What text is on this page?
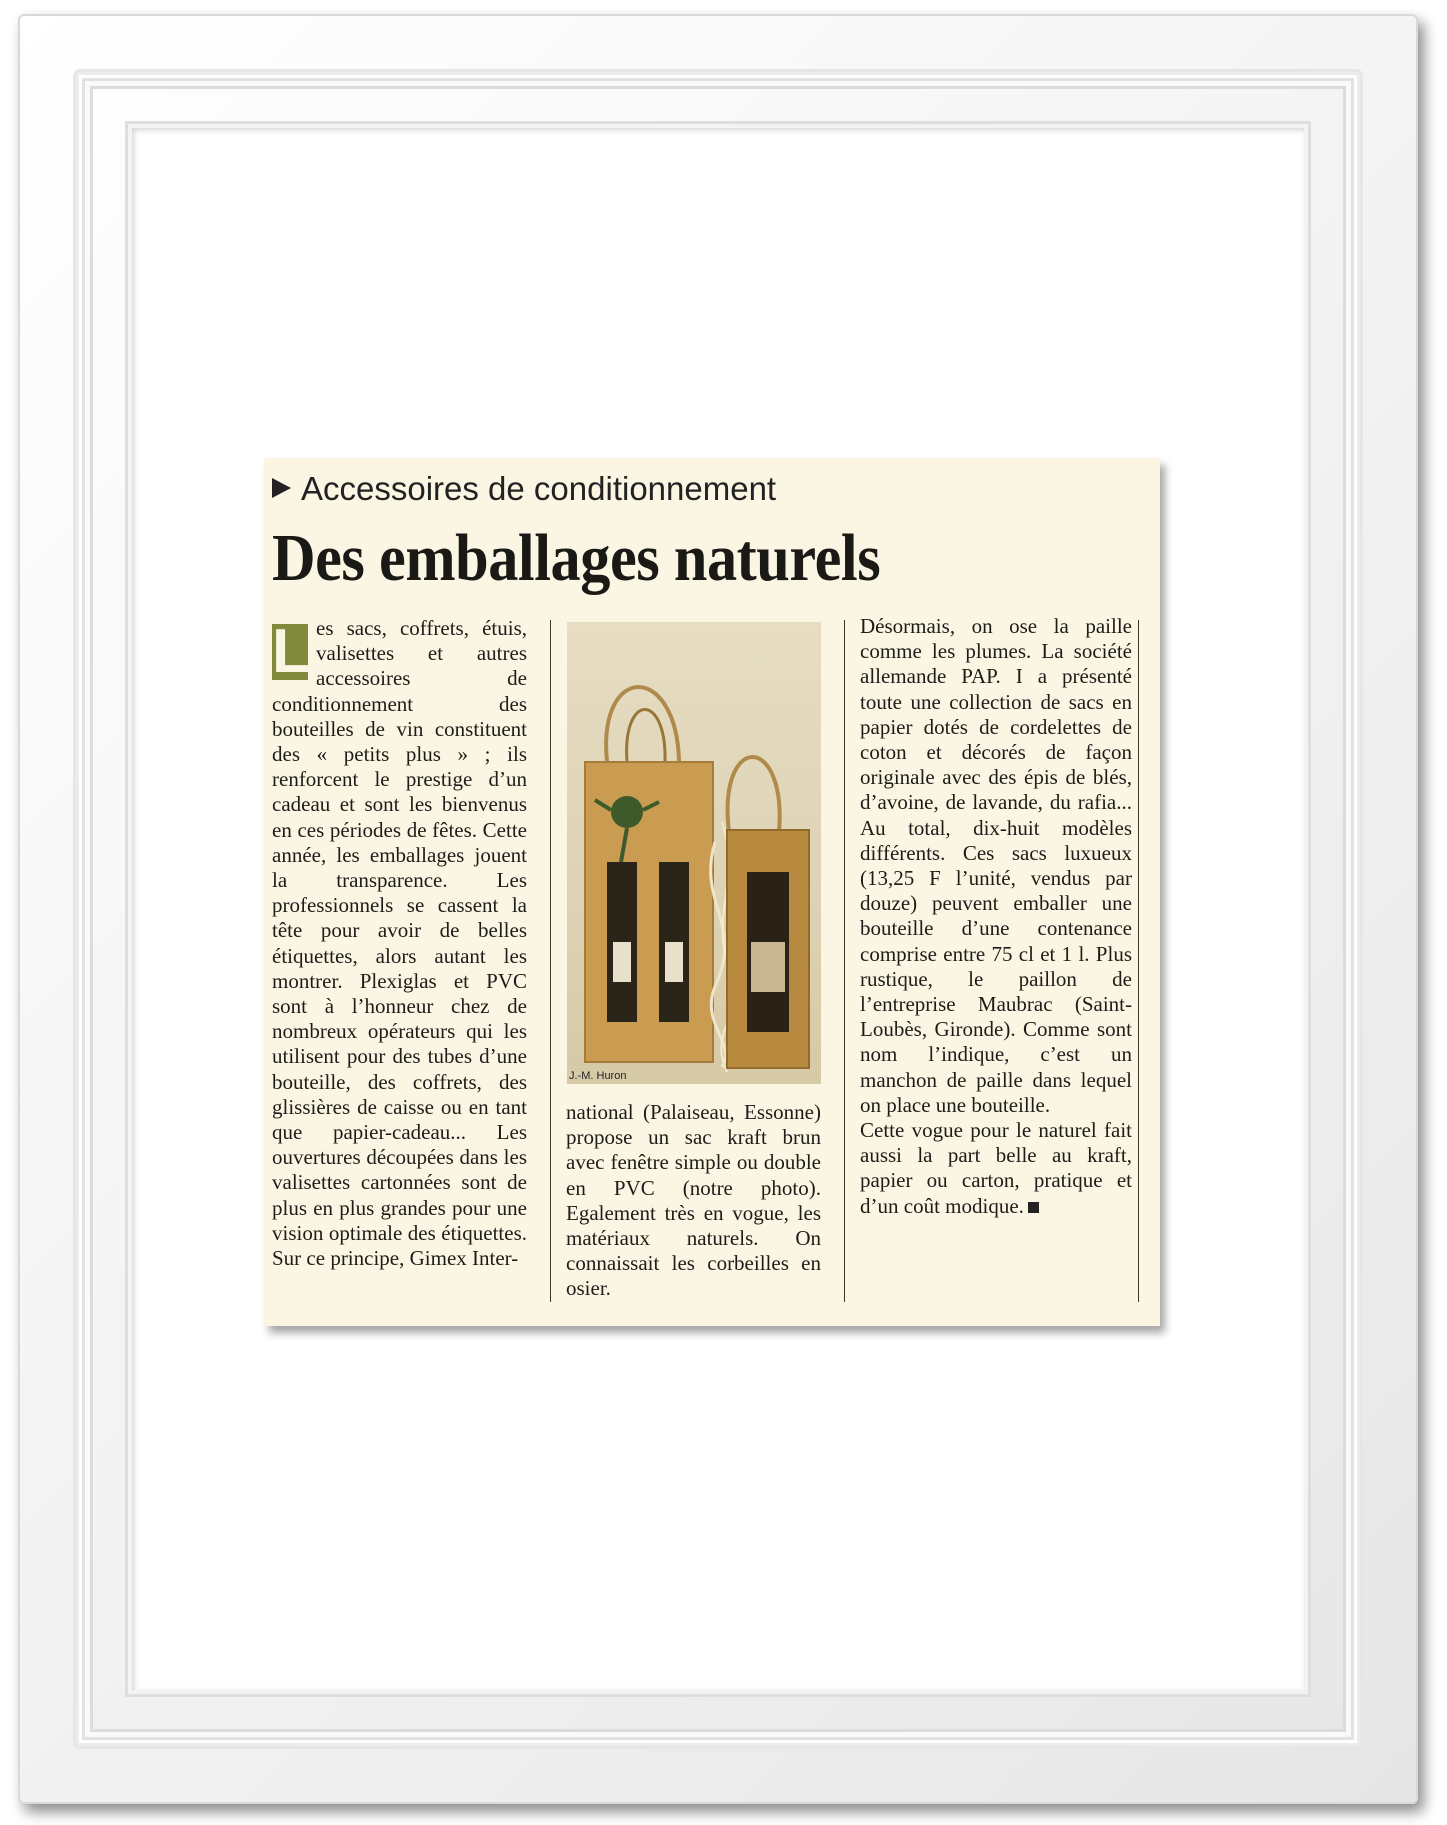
Accessoires de conditionnement
Des emballages naturels
L es sacs, coffrets, étuis, valisettes et autres accessoires de conditionnement des bouteilles de vin constituent des « petits plus » ; ils renforcent le prestige d’un cadeau et sont les bienvenus en ces périodes de fêtes. Cette année, les emballages jouent la transparence. Les professionnels se cassent la tête pour avoir de belles étiquettes, alors autant les montrer. Plexiglas et PVC sont à l’honneur chez de nombreux opérateurs qui les utilisent pour des tubes d’une bouteille, des coffrets, des glissières de caisse ou en tant que papier-cadeau... Les ouvertures découpées dans les valisettes cartonnées sont de plus en plus grandes pour une vision optimale des étiquettes. Sur ce principe, Gimex Inter-

J.-M. Huron

national (Palaiseau, Essonne) propose un sac kraft brun avec fenêtre simple ou double en PVC (notre photo). Egalement très en vogue, les matériaux naturels. On connaissait les corbeilles en osier.

Désormais, on ose la paille comme les plumes. La société allemande PAP. I a présenté toute une collection de sacs en papier dotés de cordelettes de coton et décorés de façon originale avec des épis de blés, d’avoine, de lavande, du rafia... Au total, dix-huit modèles différents. Ces sacs luxueux (13,25 F l’unité, vendus par douze) peuvent emballer une bouteille d’une contenance comprise entre 75 cl et 1 l. Plus rustique, le paillon de l’entreprise Maubrac (Saint-Loubès, Gironde). Comme sont nom l’indique, c’est un manchon de paille dans lequel on place une bouteille.

Cette vogue pour le naturel fait aussi la part belle au kraft, papier ou carton, pratique et d’un coût modique.
